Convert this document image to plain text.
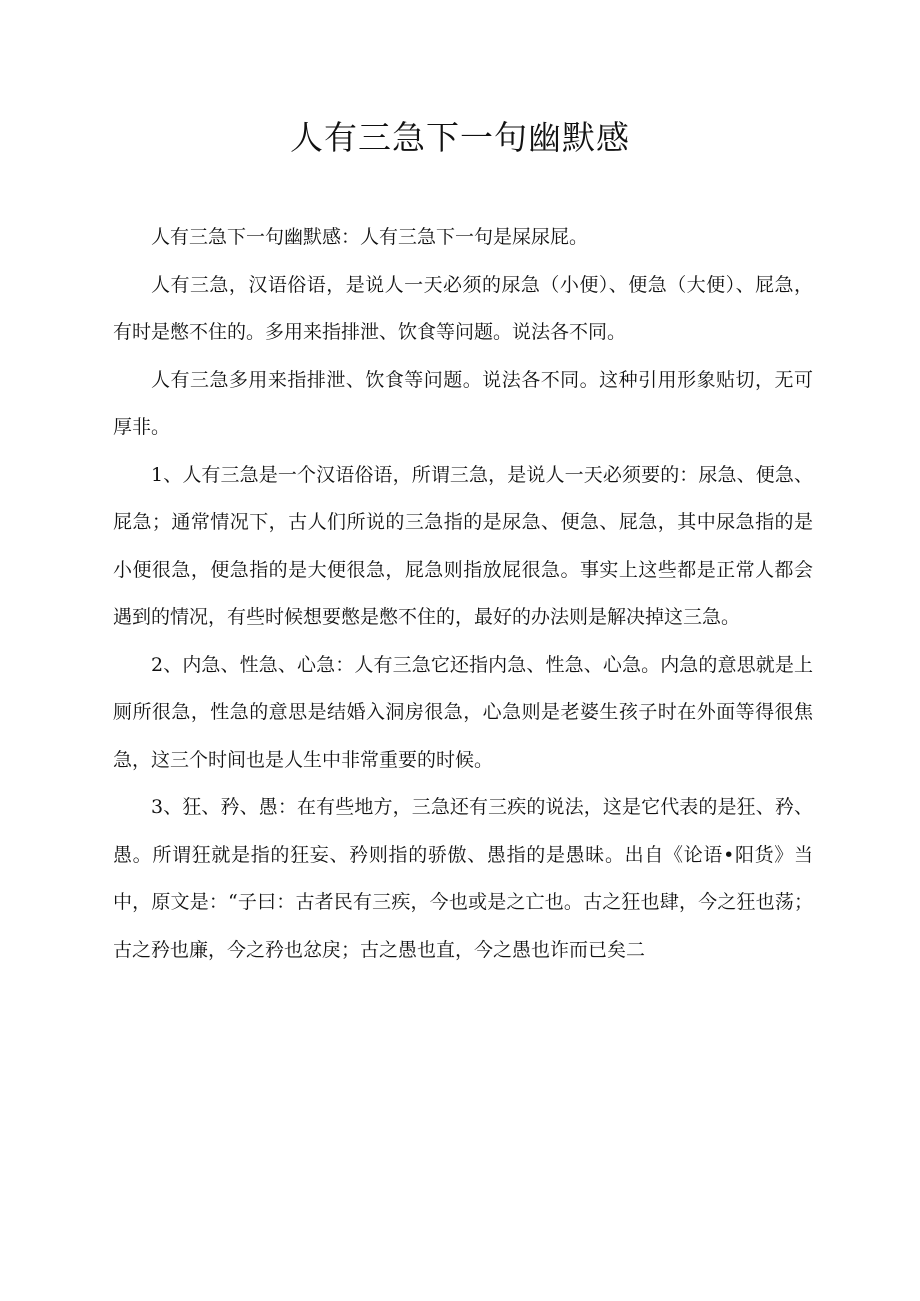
人有三急下一句幽默感

人有三急下一句幽默感：人有三急下一句是屎尿屁。

人有三急，汉语俗语，是说人一天必须的尿急（小便）、便急（大便）、屁急，有时是憋不住的。多用来指排泄、饮食等问题。说法各不同。

人有三急多用来指排泄、饮食等问题。说法各不同。这种引用形象贴切，无可厚非。

1、人有三急是一个汉语俗语，所谓三急，是说人一天必须要的：尿急、便急、屁急；通常情况下，古人们所说的三急指的是尿急、便急、屁急，其中尿急指的是小便很急，便急指的是大便很急，屁急则指放屁很急。事实上这些都是正常人都会遇到的情况，有些时候想要憋是憋不住的，最好的办法则是解决掉这三急。

2、内急、性急、心急：人有三急它还指内急、性急、心急。内急的意思就是上厕所很急，性急的意思是结婚入洞房很急，心急则是老婆生孩子时在外面等得很焦急，这三个时间也是人生中非常重要的时候。

3、狂、矜、愚：在有些地方，三急还有三疾的说法，这是它代表的是狂、矜、愚。所谓狂就是指的狂妄、矜则指的骄傲、愚指的是愚昧。出自《论语•阳货》当中，原文是：“子曰：古者民有三疾，今也或是之亡也。古之狂也肆，今之狂也荡；古之矜也廉，今之矜也忿戾；古之愚也直，今之愚也诈而已矣二
